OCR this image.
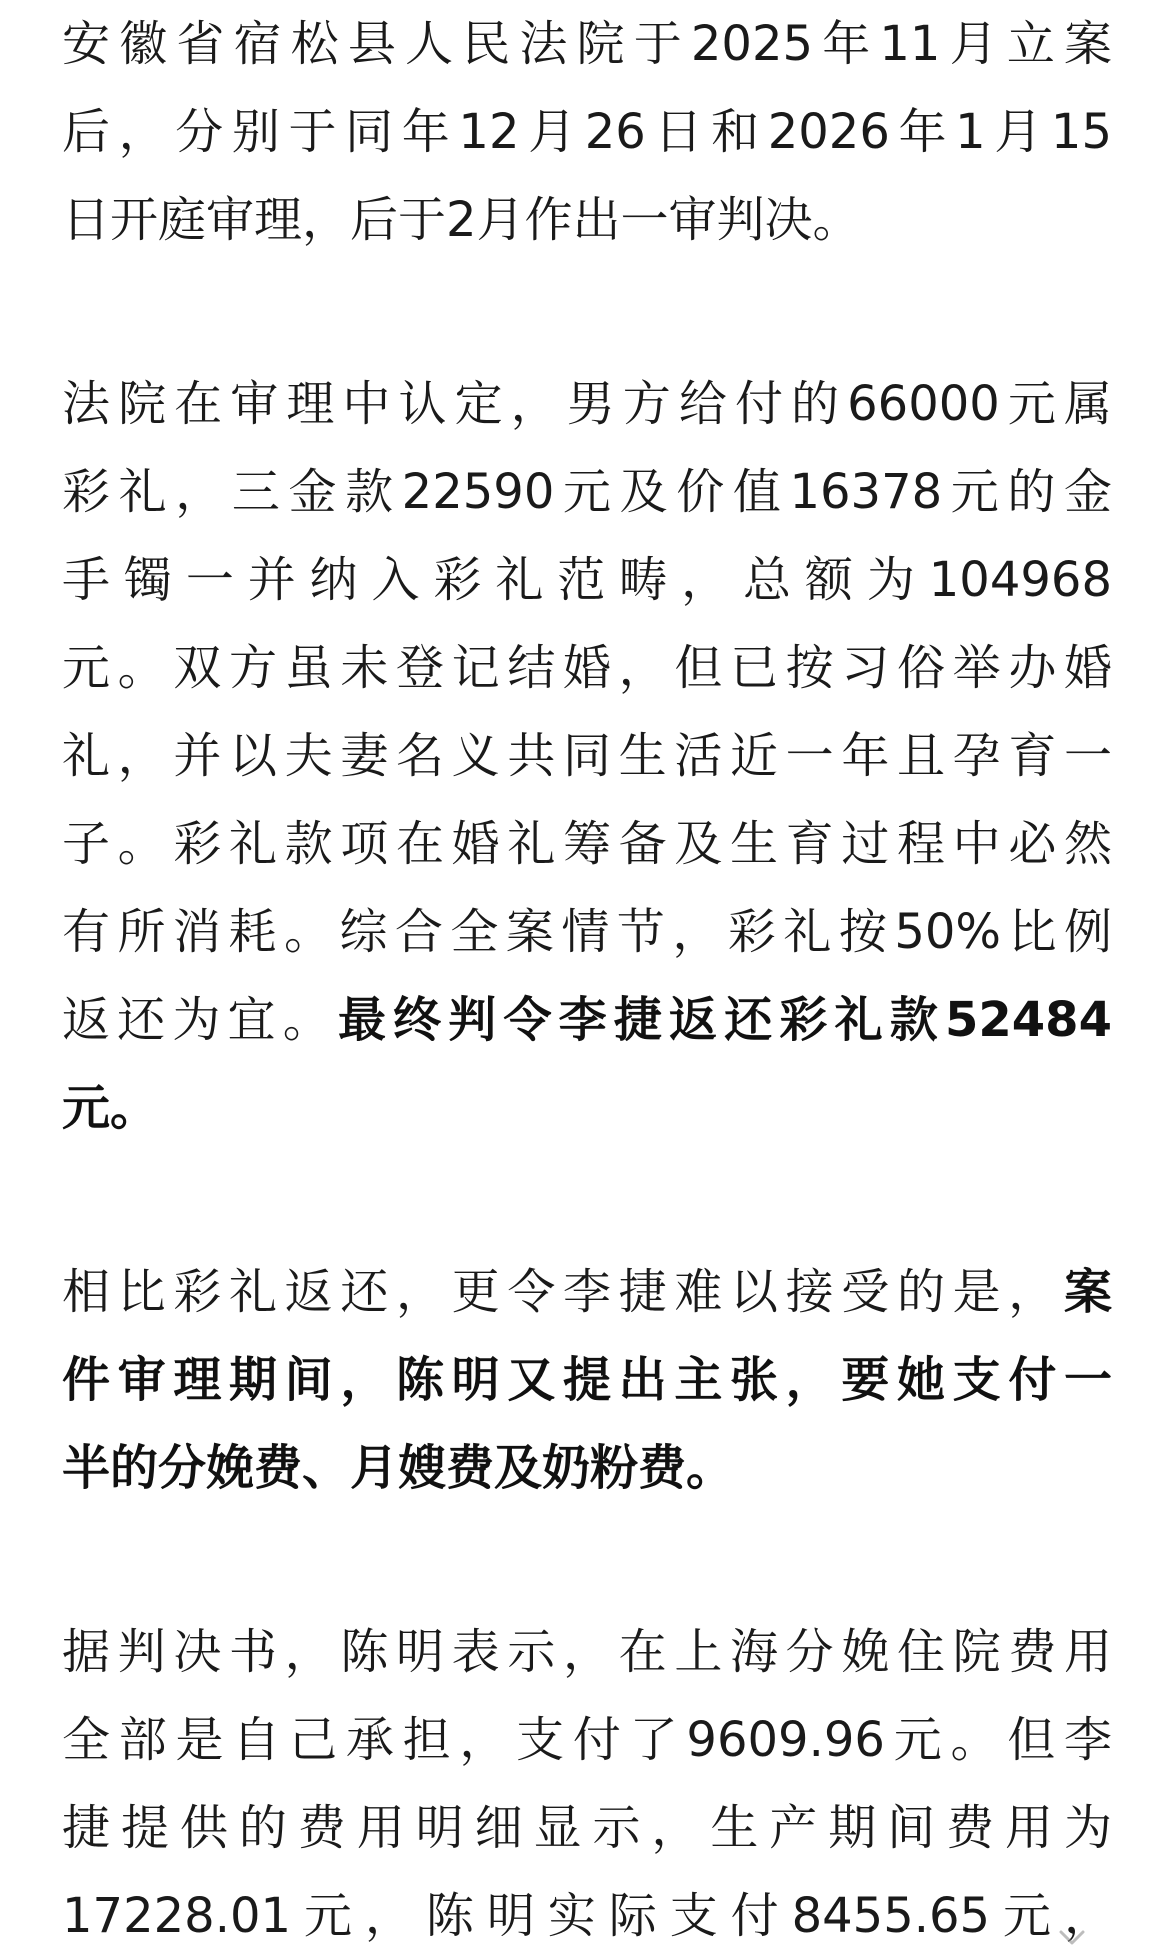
安徽省宿松县人民法院于2025年11月立案
后，分别于同年12月26日和2026年1月15
日开庭审理，后于2月作出一审判决。
法院在审理中认定，男方给付的66000元属
彩礼，三金款22590元及价值16378元的金
手镯一并纳入彩礼范畴，总额为104968
元。双方虽未登记结婚，但已按习俗举办婚
礼，并以夫妻名义共同生活近一年且孕育一
子。彩礼款项在婚礼筹备及生育过程中必然
有所消耗。综合全案情节，彩礼按50%比例
返还为宜。最终判令李捷返还彩礼款52484
元。
相比彩礼返还，更令李捷难以接受的是，案
件审理期间，陈明又提出主张，要她支付一
半的分娩费、月嫂费及奶粉费。
据判决书，陈明表示，在上海分娩住院费用
全部是自己承担，支付了9609.96元。但李
捷提供的费用明细显示，生产期间费用为
17228.01元，陈明实际支付8455.65元，
